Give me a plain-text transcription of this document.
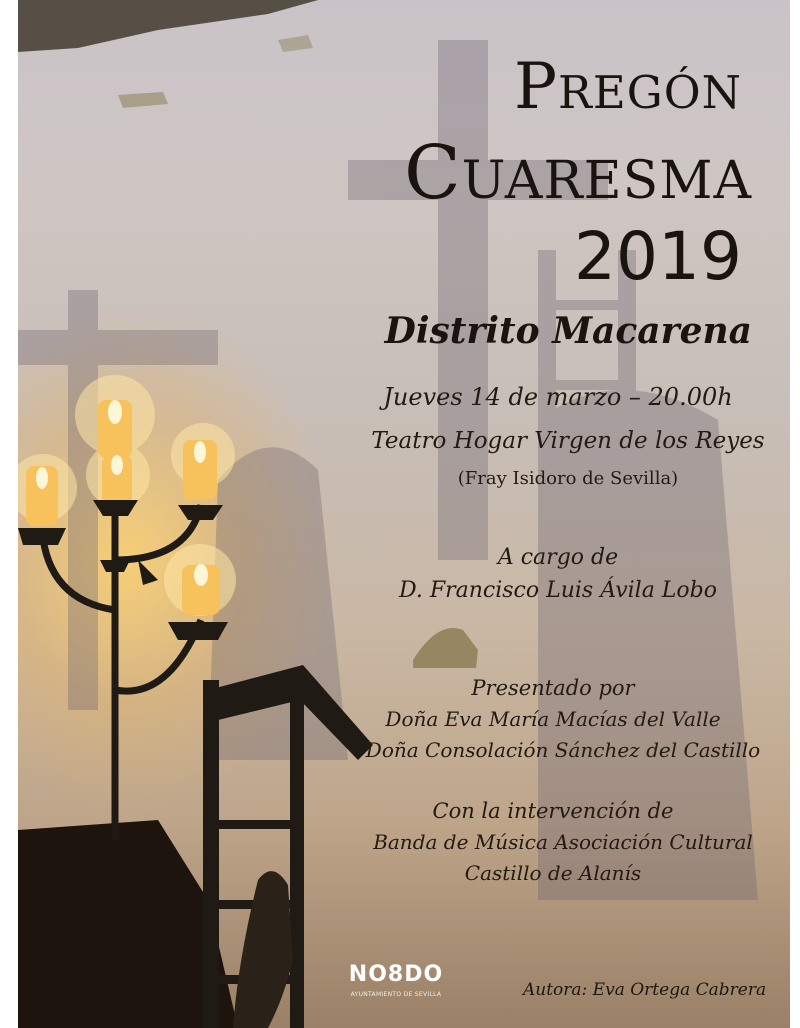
Pregón
Cuaresma
2019
Distrito Macarena
Jueves 14 de marzo – 20.00h
Teatro Hogar Virgen de los Reyes
(Fray Isidoro de Sevilla)
A cargo de
D. Francisco Luis Ávila Lobo
Presentado por
Doña Eva María Macías del Valle
Doña Consolación Sánchez del Castillo
Con la intervención de
Banda de Música Asociación Cultural
Castillo de Alanís
NO8DO
AYUNTAMIENTO DE SEVILLA	Autora: Eva Ortega Cabrera
